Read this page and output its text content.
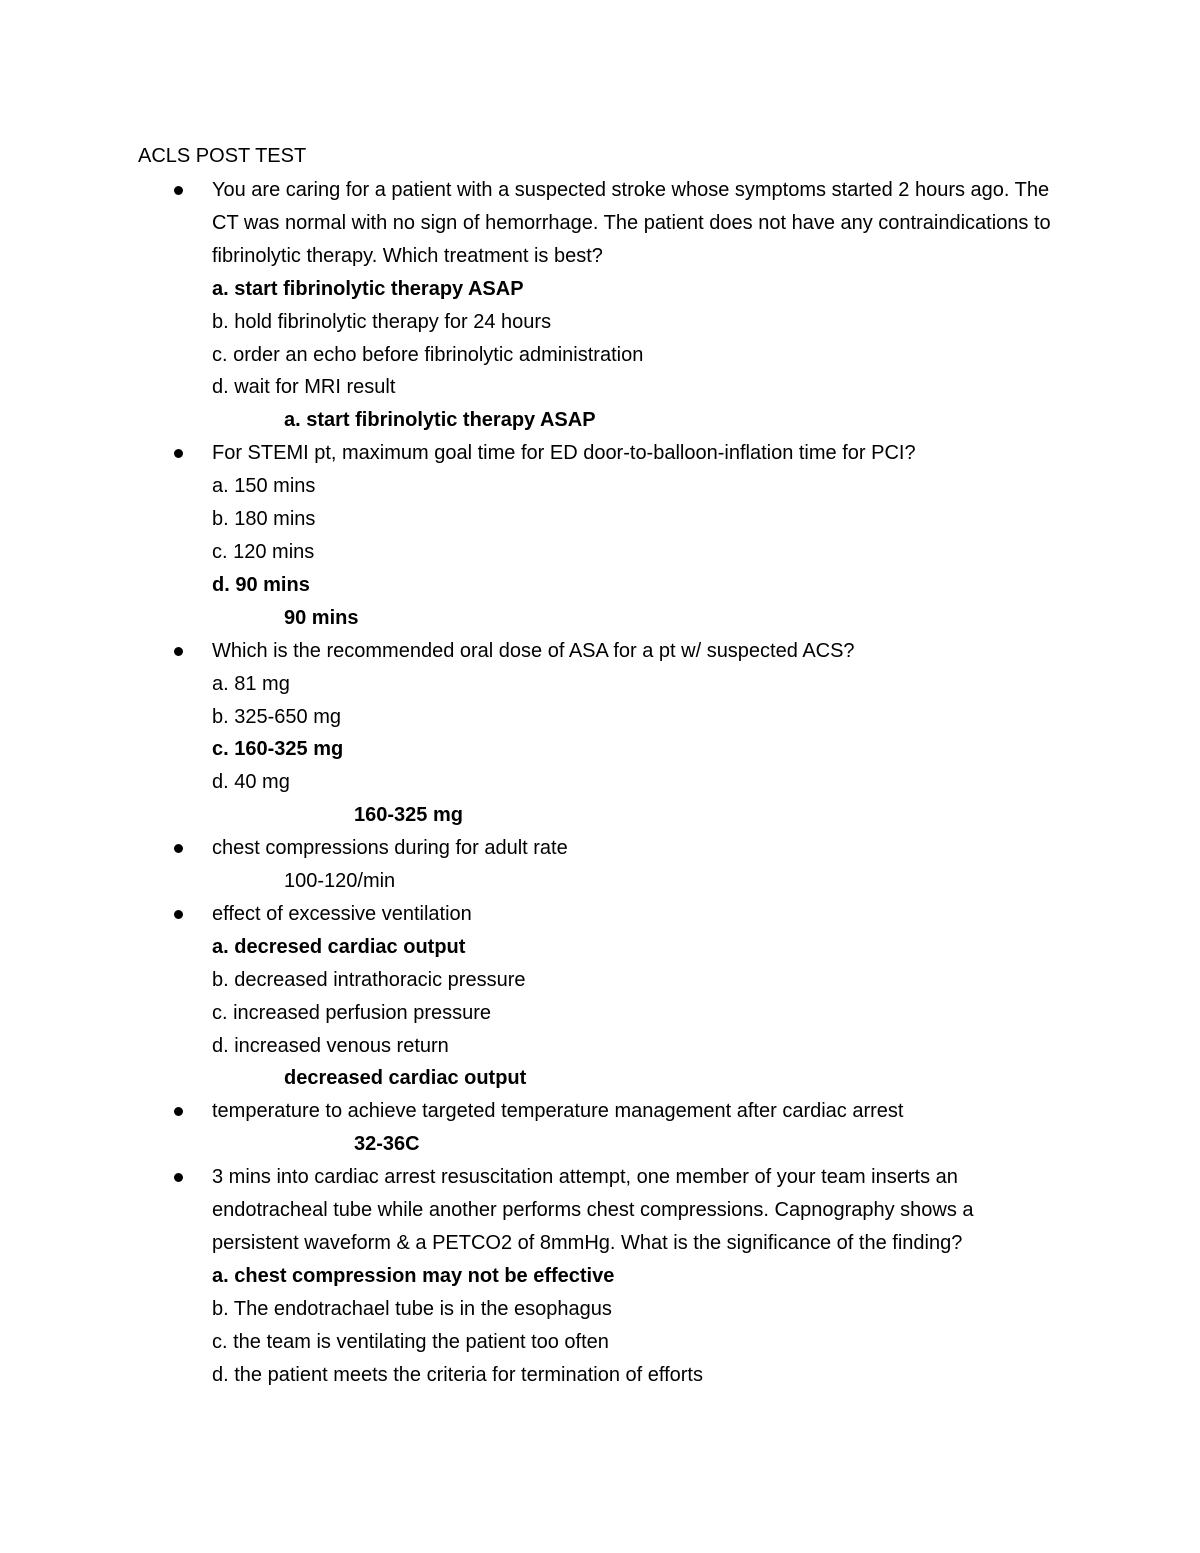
ACLS POST TEST
You are caring for a patient with a suspected stroke whose symptoms started 2 hours ago. The CT was normal with no sign of hemorrhage. The patient does not have any contraindications to fibrinolytic therapy. Which treatment is best?
a. start fibrinolytic therapy ASAP
b. hold fibrinolytic therapy for 24 hours
c. order an echo before fibrinolytic administration
d. wait for MRI result
a. start fibrinolytic therapy ASAP
For STEMI pt, maximum goal time for ED door-to-balloon-inflation time for PCI?
a. 150 mins
b. 180 mins
c. 120 mins
d. 90 mins
90 mins
Which is the recommended oral dose of ASA for a pt w/ suspected ACS?
a. 81 mg
b. 325-650 mg
c. 160-325 mg
d. 40 mg
160-325 mg
chest compressions during for adult rate
100-120/min
effect of excessive ventilation
a. decresed cardiac output
b. decreased intrathoracic pressure
c. increased perfusion pressure
d. increased venous return
decreased cardiac output
temperature to achieve targeted temperature management after cardiac arrest
32-36C
3 mins into cardiac arrest resuscitation attempt, one member of your team inserts an endotracheal tube while another performs chest compressions. Capnography shows a persistent waveform & a PETCO2 of 8mmHg. What is the significance of the finding?
a. chest compression may not be effective
b. The endotrachael tube is in the esophagus
c. the team is ventilating the patient too often
d. the patient meets the criteria for termination of efforts
